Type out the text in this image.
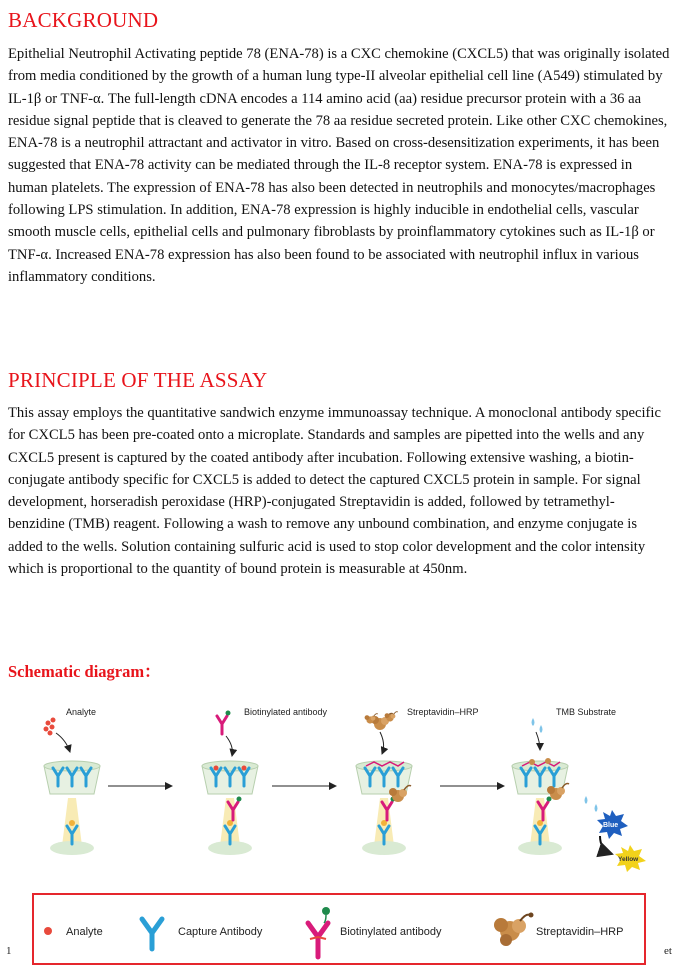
BACKGROUND

Epithelial Neutrophil Activating peptide 78 (ENA-78) is a CXC chemokine (CXCL5) that was originally isolated from media conditioned by the growth of a human lung type-II alveolar epithelial cell line (A549) stimulated by IL-1β or TNF-α. The full-length cDNA encodes a 114 amino acid (aa) residue precursor protein with a 36 aa residue signal peptide that is cleaved to generate the 78 aa residue secreted protein. Like other CXC chemokines, ENA-78 is a neutrophil attractant and activator in vitro. Based on cross-desensitization experiments, it has been suggested that ENA-78 activity can be mediated through the IL-8 receptor system. ENA-78 is expressed in human platelets. The expression of ENA-78 has also been detected in neutrophils and monocytes/macrophages following LPS stimulation. In addition, ENA-78 expression is highly inducible in endothelial cells, vascular smooth muscle cells, epithelial cells and pulmonary fibroblasts by proinflammatory cytokines such as IL-1β or TNF-α. Increased ENA-78 expression has also been found to be associated with neutrophil influx in various inflammatory conditions.

PRINCIPLE OF THE ASSAY

This assay employs the quantitative sandwich enzyme immunoassay technique. A monoclonal antibody specific for CXCL5 has been pre-coated onto a microplate. Standards and samples are pipetted into the wells and any CXCL5 present is captured by the coated antibody after incubation. Following extensive washing, a biotin-conjugate antibody specific for CXCL5 is added to detect the captured CXCL5 protein in sample. For signal development, horseradish peroxidase (HRP)-conjugated Streptavidin is added, followed by tetramethyl-benzidine (TMB) reagent. Following a wash to remove any unbound combination, and enzyme conjugate is added to the wells. Solution containing sulfuric acid is used to stop color development and the color intensity which is proportional to the quantity of bound protein is measurable at 450nm.

Schematic diagram：
Analyte	Biotinylated antibody	Streptavidin–HRP	TMB Substrate
Blue
Yellow
Analyte	Capture Antibody	Biotinylated antibody	Streptavidin–HRP
1	et
